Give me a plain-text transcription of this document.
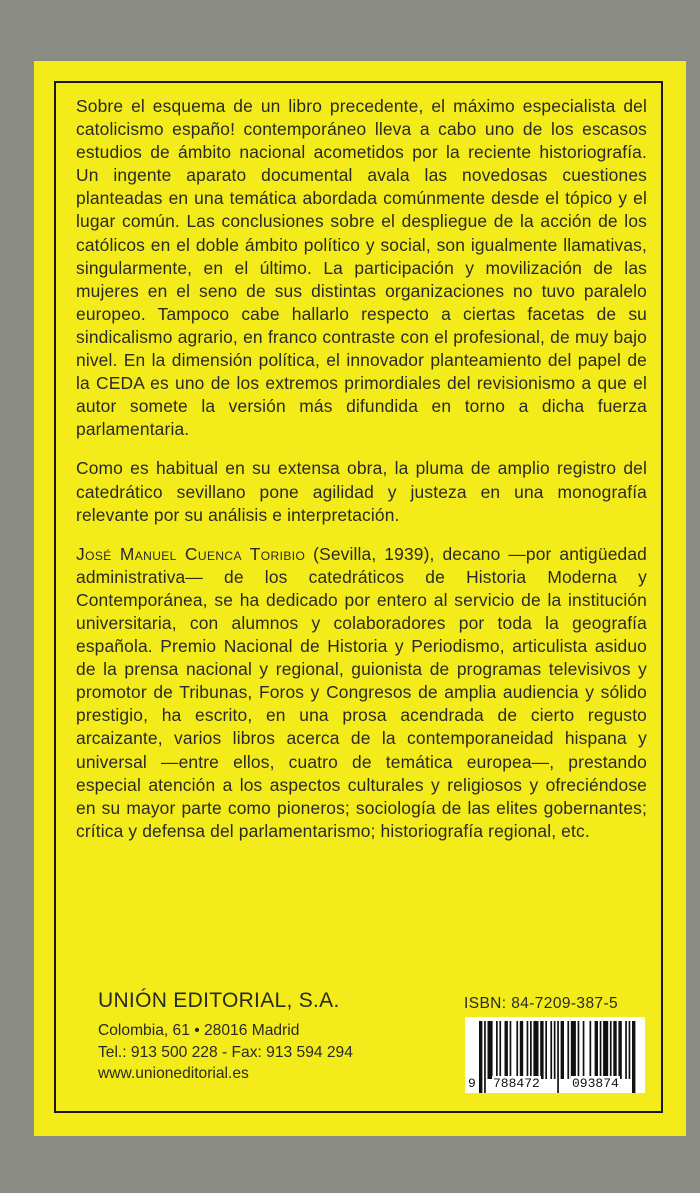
Sobre el esquema de un libro precedente, el máximo especialista del catolicismo españo! contemporáneo lleva a cabo uno de los escasos estudios de ámbito nacional acometidos por la reciente historiografía. Un ingente aparato documental avala las novedosas cuestiones planteadas en una temática abordada comúnmente desde el tópico y el lugar común. Las conclusiones sobre el despliegue de la acción de los católicos en el doble ámbito político y social, son igualmente llamativas, singularmente, en el último. La participación y movilización de las mujeres en el seno de sus distintas organizaciones no tuvo paralelo europeo. Tampoco cabe hallarlo respecto a ciertas facetas de su sindicalismo agrario, en franco contraste con el profesional, de muy bajo nivel. En la dimensión política, el innovador planteamiento del papel de la CEDA es uno de los extremos primordiales del revisionismo a que el autor somete la versión más difundida en torno a dicha fuerza parlamentaria.

Como es habitual en su extensa obra, la pluma de amplio registro del catedrático sevillano pone agilidad y justeza en una monografía relevante por su análisis e interpretación.

José Manuel Cuenca Toribio (Sevilla, 1939), decano —por antigüedad administrativa— de los catedráticos de Historia Moderna y Contemporánea, se ha dedicado por entero al servicio de la institución universitaria, con alumnos y colaboradores por toda la geografía española. Premio Nacional de Historia y Periodismo, articulista asiduo de la prensa nacional y regional, guionista de programas televisivos y promotor de Tribunas, Foros y Congresos de amplia audiencia y sólido prestigio, ha escrito, en una prosa acendrada de cierto regusto arcaizante, varios libros acerca de la contemporaneidad hispana y universal —entre ellos, cuatro de temática europea—, prestando especial atención a los aspectos culturales y religiosos y ofreciéndose en su mayor parte como pioneros; sociología de las elites gobernantes; crítica y defensa del parlamentarismo; historiografía regional, etc.

UNIÓN EDITORIAL, S.A.
Colombia, 61 • 28016 Madrid
Tel.: 913 500 228 - Fax: 913 594 294
www.unioneditorial.es
ISBN: 84-7209-387-5
9 788472 093874
